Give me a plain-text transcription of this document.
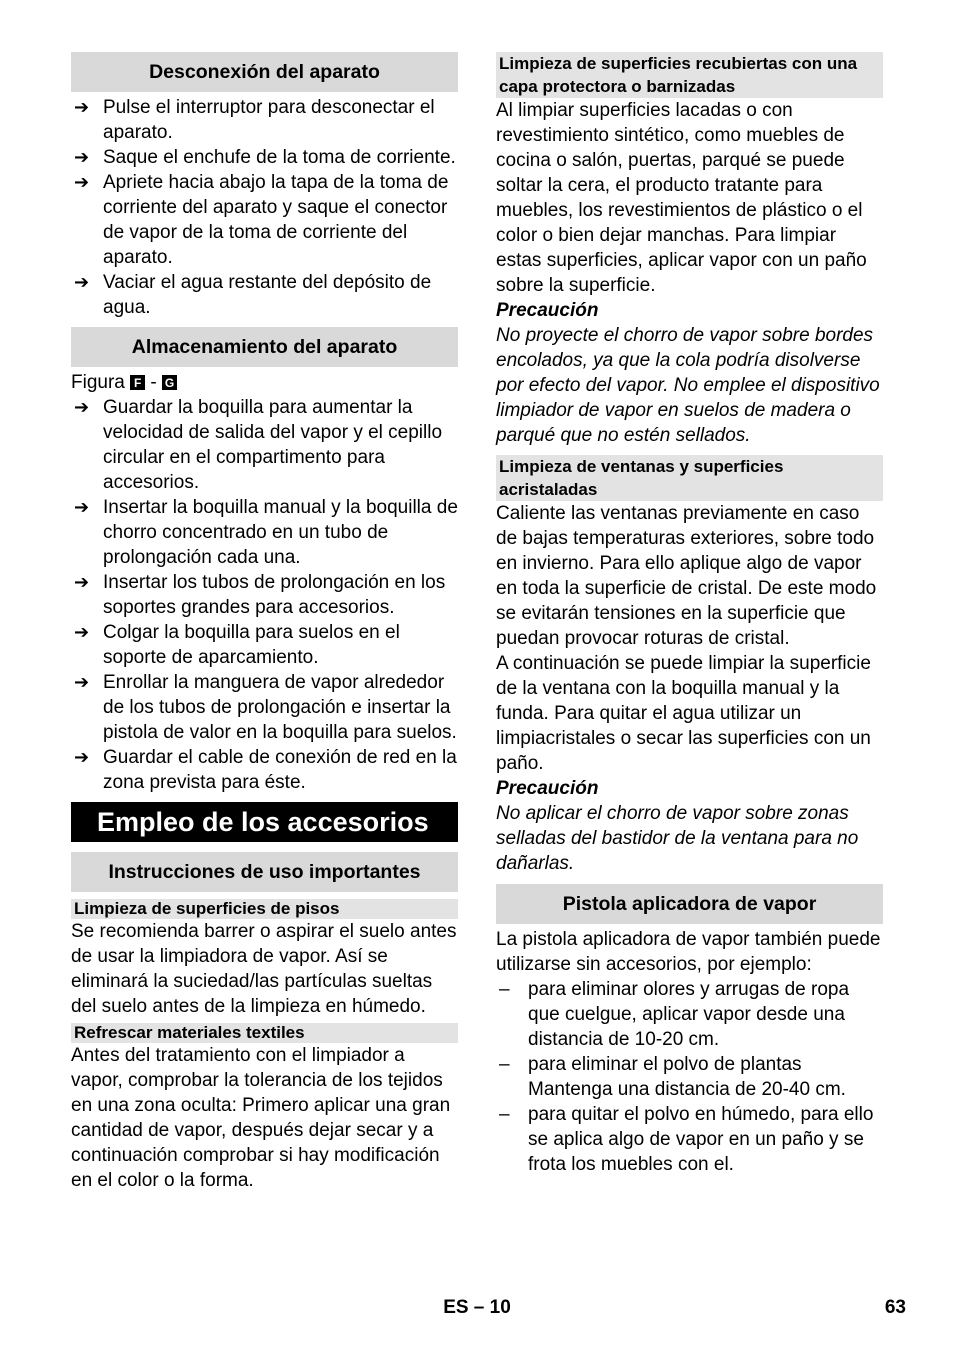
Desconexión del aparato
➔ Pulse el interruptor para desconectar el aparato.
➔ Saque el enchufe de la toma de corriente.
➔ Apriete hacia abajo la tapa de la toma de corriente del aparato y saque el conector de vapor de la toma de corriente del aparato.
➔ Vaciar el agua restante del depósito de agua.
Almacenamiento del aparato

Figura F - G

➔ Guardar la boquilla para aumentar la velocidad de salida del vapor y el cepillo circular en el compartimento para accesorios.
➔ Insertar la boquilla manual y la boquilla de chorro concentrado en un tubo de prolongación cada una.
➔ Insertar los tubos de prolongación en los soportes grandes para accesorios.
➔ Colgar la boquilla para suelos en el soporte de aparcamiento.
➔ Enrollar la manguera de vapor alrededor de los tubos de prolongación e insertar la pistola de valor en la boquilla para suelos.
➔ Guardar el cable de conexión de red en la zona prevista para éste.
Empleo de los accesorios
Instrucciones de uso importantes
Limpieza de superficies de pisos

Se recomienda barrer o aspirar el suelo antes de usar la limpiadora de vapor. Así se eliminará la suciedad/las partículas sueltas del suelo antes de la limpieza en húmedo.

Refrescar materiales textiles

Antes del tratamiento con el limpiador a vapor, comprobar la tolerancia de los tejidos en una zona oculta: Primero aplicar una gran cantidad de vapor, después dejar secar y a continuación comprobar si hay modificación en el color o la forma.

Limpieza de superficies recubiertas con una capa protectora o barnizadas

Al limpiar superficies lacadas o con revestimiento sintético, como muebles de cocina o salón, puertas, parqué se puede soltar la cera, el producto tratante para muebles, los revestimientos de plástico o el color o bien dejar manchas. Para limpiar estas superficies, aplicar vapor con un paño sobre la superficie.

Precaución

No proyecte el chorro de vapor sobre bordes encolados, ya que la cola podría disolverse por efecto del vapor. No emplee el dispositivo limpiador de vapor en suelos de madera o parqué que no estén sellados.

Limpieza de ventanas y superficies acristaladas

Caliente las ventanas previamente en caso de bajas temperaturas exteriores, sobre todo en invierno. Para ello aplique algo de vapor en toda la superficie de cristal. De este modo se evitarán tensiones en la superficie que puedan provocar roturas de cristal.

A continuación se puede limpiar la superficie de la ventana con la boquilla manual y la funda. Para quitar el agua utilizar un limpiacristales o secar las superficies con un paño.

Precaución

No aplicar el chorro de vapor sobre zonas selladas del bastidor de la ventana para no dañarlas.

Pistola aplicadora de vapor

La pistola aplicadora de vapor también puede utilizarse sin accesorios, por ejemplo:

– para eliminar olores y arrugas de ropa que cuelgue, aplicar vapor desde una distancia de 10-20 cm.
– para eliminar el polvo de plantas Mantenga una distancia de 20-40 cm.
– para quitar el polvo en húmedo, para ello se aplica algo de vapor en un paño y se frota los muebles con el.
ES – 10	63
